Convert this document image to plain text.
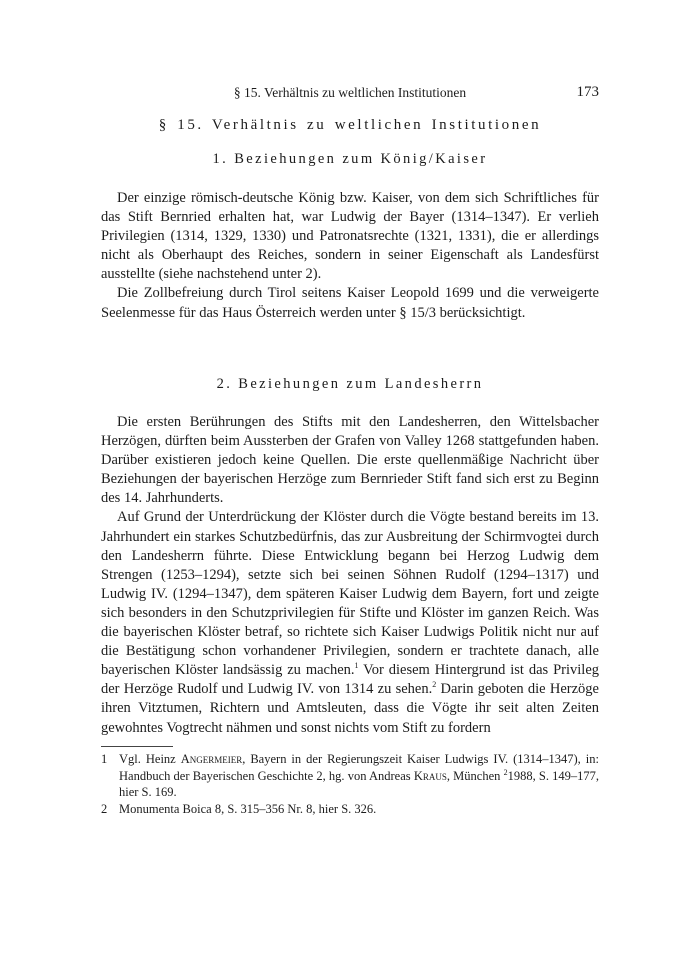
§ 15. Verhältnis zu weltlichen Institutionen	173
§ 15. Verhältnis zu weltlichen Institutionen
1. Beziehungen zum König/Kaiser

Der einzige römisch-deutsche König bzw. Kaiser, von dem sich Schriftliches für das Stift Bernried erhalten hat, war Ludwig der Bayer (1314–1347). Er verlieh Privilegien (1314, 1329, 1330) und Patronatsrechte (1321, 1331), die er allerdings nicht als Oberhaupt des Reiches, sondern in seiner Eigenschaft als Landesfürst ausstellte (siehe nachstehend unter 2).

Die Zollbefreiung durch Tirol seitens Kaiser Leopold 1699 und die verweigerte Seelenmesse für das Haus Österreich werden unter § 15/3 berücksichtigt.

2. Beziehungen zum Landesherrn

Die ersten Berührungen des Stifts mit den Landesherren, den Wittelsbacher Herzögen, dürften beim Aussterben der Grafen von Valley 1268 stattgefunden haben. Darüber existieren jedoch keine Quellen. Die erste quellenmäßige Nachricht über Beziehungen der bayerischen Herzöge zum Bernrieder Stift fand sich erst zu Beginn des 14. Jahrhunderts.

Auf Grund der Unterdrückung der Klöster durch die Vögte bestand bereits im 13. Jahrhundert ein starkes Schutzbedürfnis, das zur Ausbreitung der Schirmvogtei durch den Landesherrn führte. Diese Entwicklung begann bei Herzog Ludwig dem Strengen (1253–1294), setzte sich bei seinen Söhnen Rudolf (1294–1317) und Ludwig IV. (1294–1347), dem späteren Kaiser Ludwig dem Bayern, fort und zeigte sich besonders in den Schutzprivilegien für Stifte und Klöster im ganzen Reich. Was die bayerischen Klöster betraf, so richtete sich Kaiser Ludwigs Politik nicht nur auf die Bestätigung schon vorhandener Privilegien, sondern er trachtete danach, alle bayerischen Klöster landsässig zu machen.$^1$ Vor diesem Hintergrund ist das Privileg der Herzöge Rudolf und Ludwig IV. von 1314 zu sehen.$^2$ Darin geboten die Herzöge ihren Vitztumen, Richtern und Amtsleuten, dass die Vögte ihr seit alten Zeiten gewohntes Vogtrecht nähmen und sonst nichts vom Stift zu fordern

1 Vgl. Heinz Angermeier, Bayern in der Regierungszeit Kaiser Ludwigs IV. (1314–1347), in: Handbuch der Bayerischen Geschichte 2, hg. von Andreas Kraus, München $^2$1988, S. 149–177, hier S. 169.
2 Monumenta Boica 8, S. 315–356 Nr. 8, hier S. 326.
